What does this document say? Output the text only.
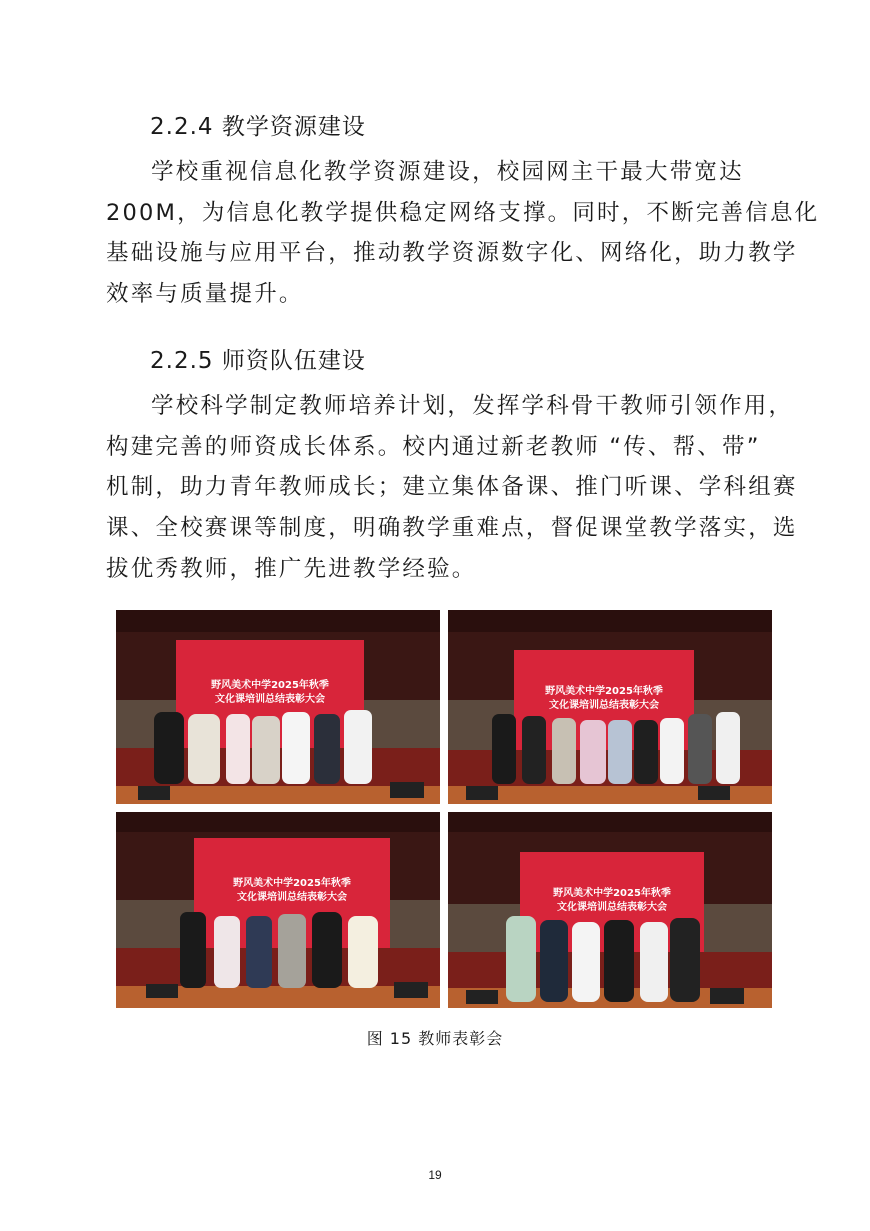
2.2.4 教学资源建设
学校重视信息化教学资源建设，校园网主干最大带宽达
200M，为信息化教学提供稳定网络支撑。同时，不断完善信息化
基础设施与应用平台，推动教学资源数字化、网络化，助力教学
效率与质量提升。
2.2.5 师资队伍建设
学校科学制定教师培养计划，发挥学科骨干教师引领作用，
构建完善的师资成长体系。校内通过新老教师 “传、帮、带”
机制，助力青年教师成长；建立集体备课、推门听课、学科组赛
课、全校赛课等制度，明确教学重难点，督促课堂教学落实，选
拔优秀教师，推广先进教学经验。
野风美术中学2025年秋季
文化课培训总结表彰大会
野风美术中学2025年秋季
文化课培训总结表彰大会
野风美术中学2025年秋季
文化课培训总结表彰大会	野风美术中学2025年秋季
文化课培训总结表彰大会
图 15 教师表彰会
19
